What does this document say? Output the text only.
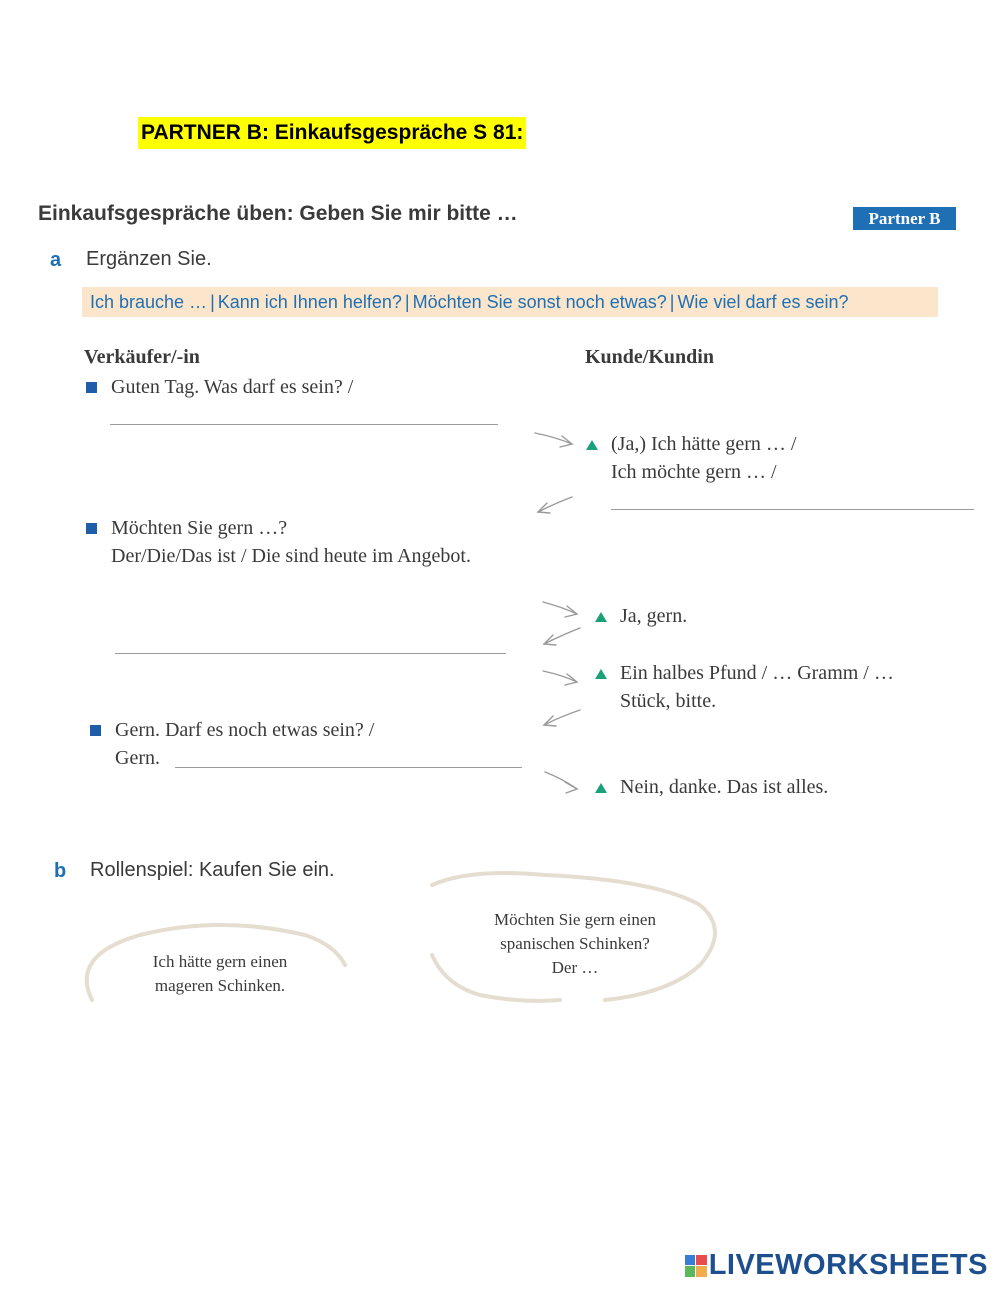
PARTNER B: Einkaufsgespräche S 81:
Einkaufsgespräche üben: Geben Sie mir bitte …	Partner B
a Ergänzen Sie.
Ich brauche … | Kann ich Ihnen helfen? | Möchten Sie sonst noch etwas? | Wie viel darf es sein?
Verkäufer/-in	Kunde/Kundin
Guten Tag. Was darf es sein? /
(Ja,) Ich hätte gern … /
Ich möchte gern … /
Möchten Sie gern …?
Der/Die/Das ist / Die sind heute im Angebot.
Ja, gern.
Ein halbes Pfund / … Gramm / …
Stück, bitte.
Gern. Darf es noch etwas sein? /
Gern.
Nein, danke. Das ist alles.
b Rollenspiel: Kaufen Sie ein.
Ich hätte gern einen
mageren Schinken.
Möchten Sie gern einen
spanischen Schinken?
Der …
LIVEWORKSHEETS
